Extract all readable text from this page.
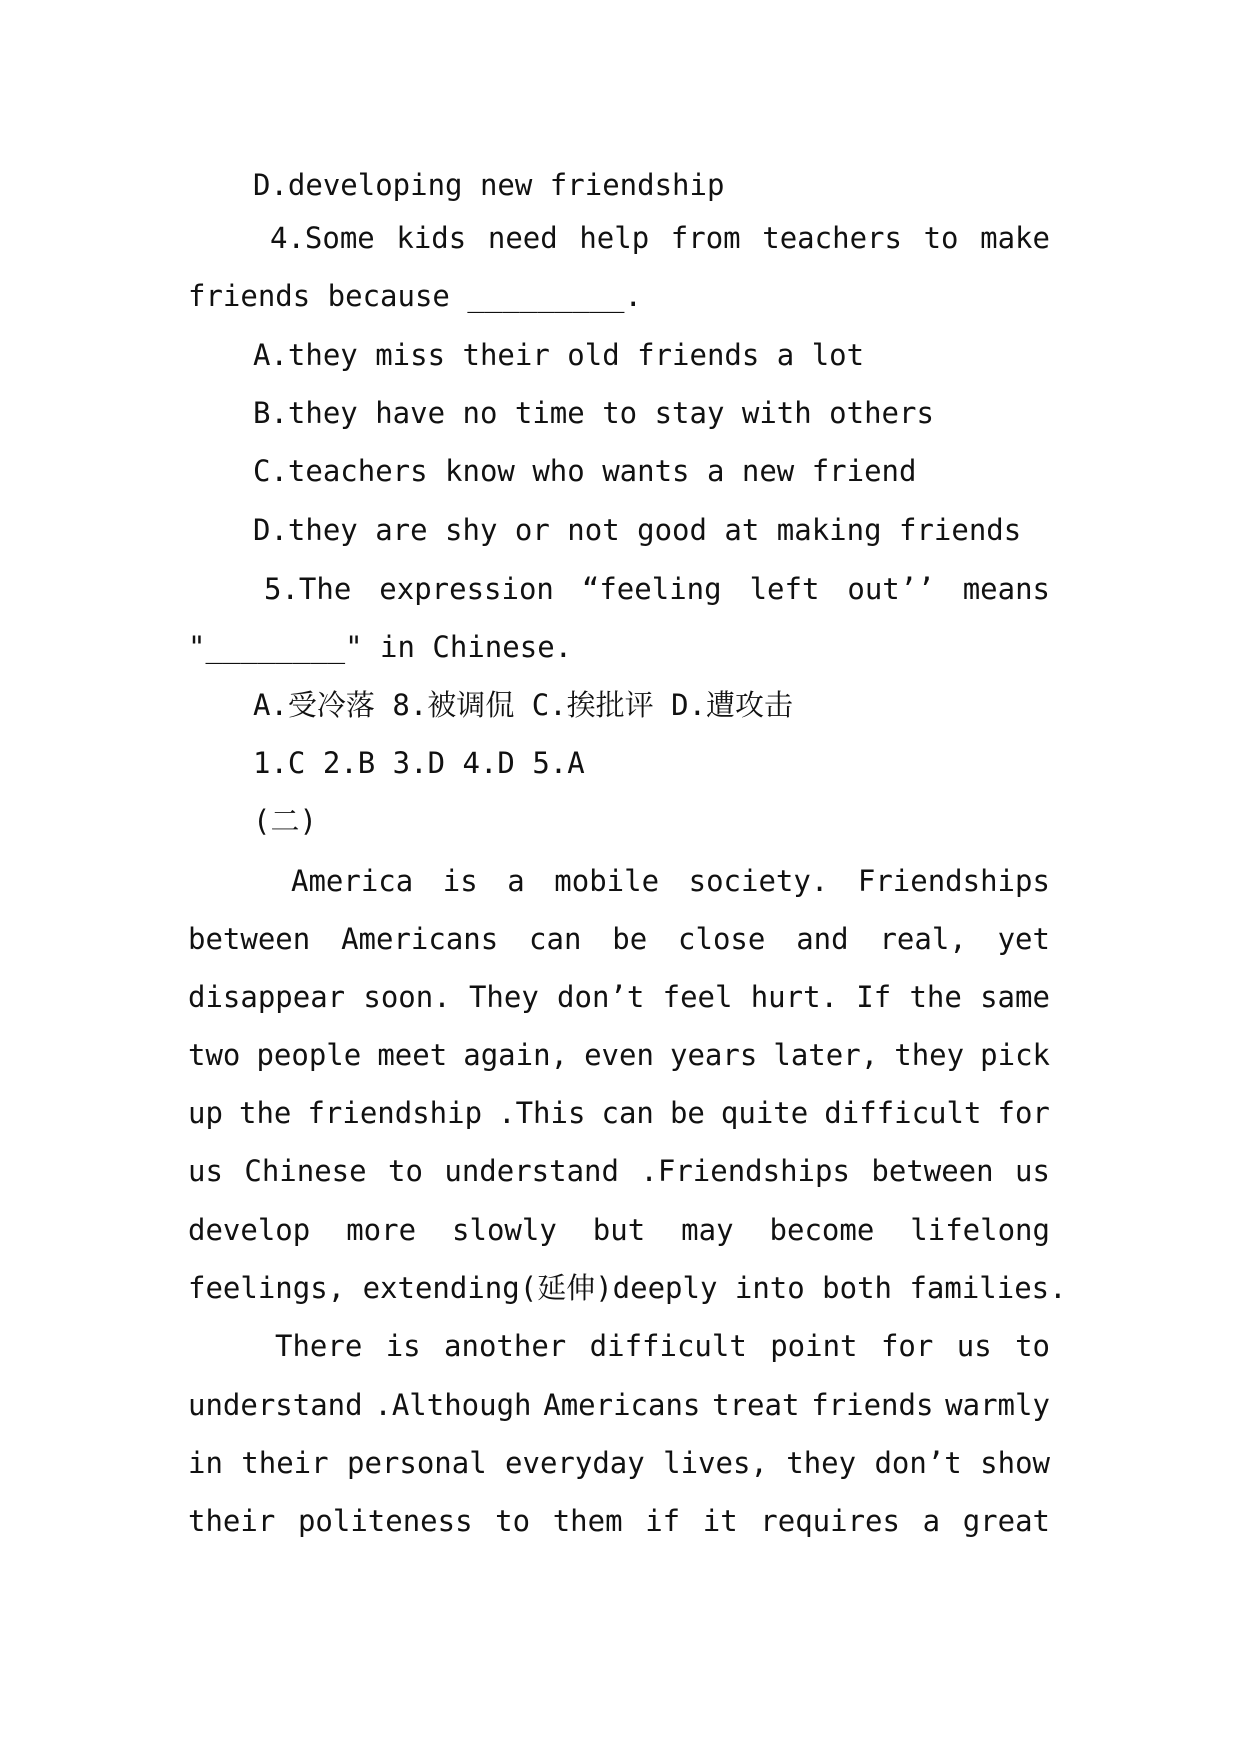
D.developing new friendship
4.Some kids need help from teachers to make
friends because _________.
A.they miss their old friends a lot
B.they have no time to stay with others
C.teachers know who wants a new friend
D.they are shy or not good at making friends
5.The expression “feeling left out’’ means
"________" in Chinese.
A.受冷落 8.被调侃 C.挨批评 D.遭攻击
1.C 2.B 3.D 4.D 5.A
(二)
America is a mobile society. Friendships
between Americans can be close and real, yet
disappear soon. They don’t feel hurt. If the same
two people meet again, even years later, they pick
up the friendship .This can be quite difficult for
us Chinese to understand .Friendships between us
develop more slowly but may become lifelong
feelings, extending(延伸)deeply into both families.
There is another difficult point for us to
understand .Although Americans treat friends warmly
in their personal everyday lives, they don’t show
their politeness to them if it requires a great
